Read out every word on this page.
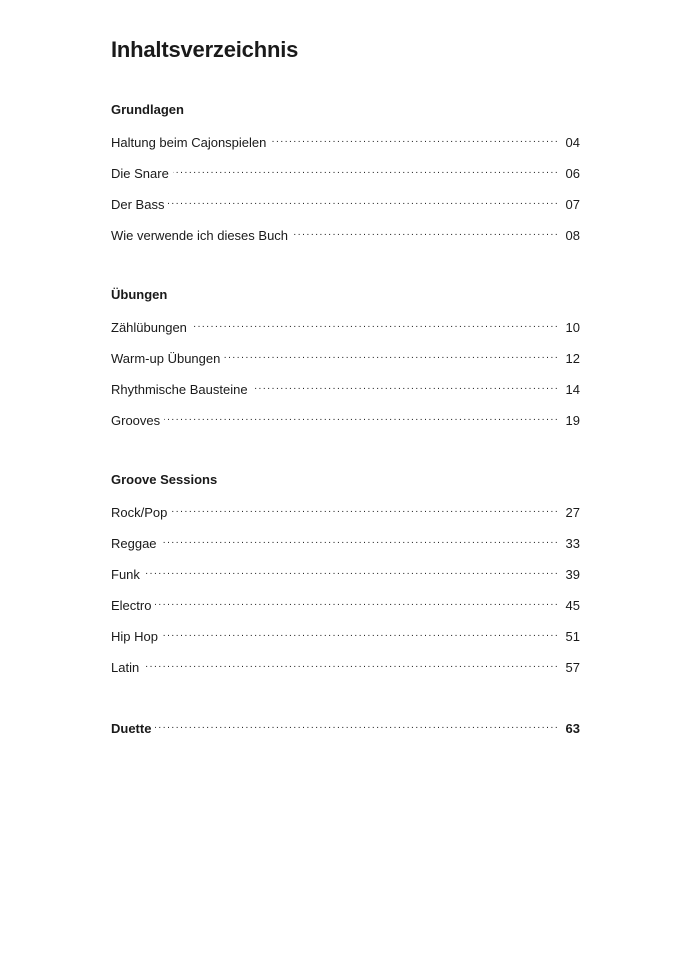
Inhaltsverzeichnis
Grundlagen
Haltung beim Cajonspielen . . .	04
Die Snare . . .	06
Der Bass . . .	07
Wie verwende ich dieses Buch . . .	08
Übungen
Zählübungen . . .	10
Warm-up Übungen . . .	12
Rhythmische Bausteine . . .	14
Grooves . . .	19
Groove Sessions
Rock/Pop . . .	27
Reggae . . .	33
Funk . . .	39
Electro . . .	45
Hip Hop . . .	51
Latin . . .	57
Duette . . .	63
